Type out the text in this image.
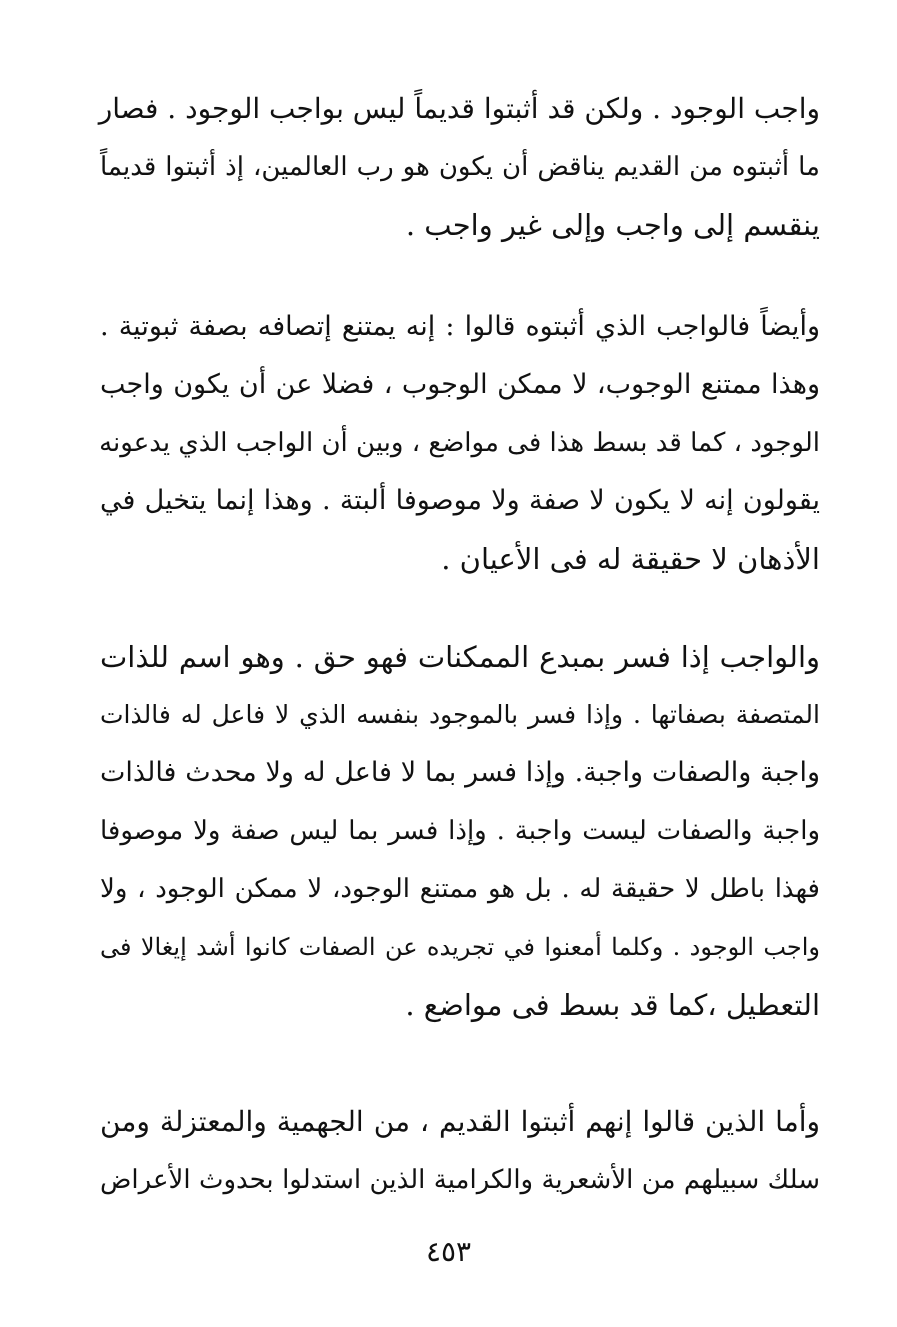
واجب الوجود . ولكن قد أثبتوا قديماً ليس بواجب الوجود . فصار
ما أثبتوه من القديم يناقض أن يكون هو رب العالمين، إذ أثبتوا قديماً
ينقسم إلى واجب وإلى غير واجب .
وأيضاً فالواجب الذي أثبتوه قالوا : إنه يمتنع إتصافه بصفة ثبوتية .
وهذا ممتنع الوجوب، لا ممكن الوجوب ، فضلا عن أن يكون واجب
الوجود ، كما قد بسط هذا فى مواضع ، وبين أن الواجب الذي يدعونه
يقولون إنه لا يكون لا صفة ولا موصوفا ألبتة . وهذا إنما يتخيل في
الأذهان لا حقيقة له فى الأعيان .
والواجب إذا فسر بمبدع الممكنات فهو حق . وهو اسم للذات
المتصفة بصفاتها . وإذا فسر بالموجود بنفسه الذي لا فاعل له فالذات
واجبة والصفات واجبة. وإذا فسر بما لا فاعل له ولا محدث فالذات
واجبة والصفات ليست واجبة . وإذا فسر بما ليس صفة ولا موصوفا
فهذا باطل لا حقيقة له . بل هو ممتنع الوجود، لا ممكن الوجود ، ولا
واجب الوجود . وكلما أمعنوا في تجريده عن الصفات كانوا أشد إيغالا فى
التعطيل ،كما قد بسط فى مواضع .
وأما الذين قالوا إنهم أثبتوا القديم ، من الجهمية والمعتزلة ومن
سلك سبيلهم من الأشعرية والكرامية الذين استدلوا بحدوث الأعراض
٤٥٣
